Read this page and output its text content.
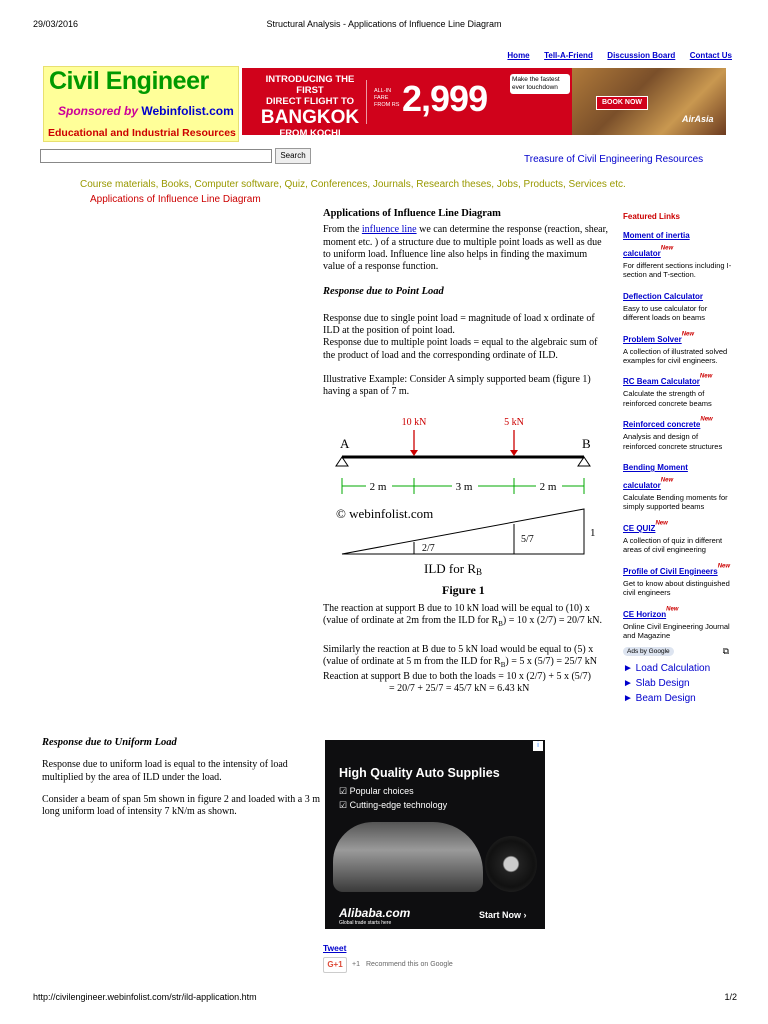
29/03/2016	Structural Analysis - Applications of Influence Line Diagram
Home Tell-A-Friend Discussion Board Contact Us
Civil Engineer
Sponsored by Webinfolist.com
Educational and Industrial Resources
INTRODUCING THE FIRST
DIRECT FLIGHT TO
BANGKOK
FROM KOCHI
ALL-IN FARE FROM RS 2,999	Make the fastest ever touchdown
BOOK NOW
AirAsia
Search	Treasure of Civil Engineering Resources
Course materials, Books, Computer software, Quiz, Conferences, Journals, Research theses, Jobs, Products, Services etc.
Applications of Influence Line Diagram
Applications of Influence Line Diagram
From the influence line we can determine the response (reaction, shear, moment etc. ) of a structure due to multiple point loads as well as due to uniform load. Influence line also helps in finding the maximum value of a response function.
Response due to Point Load
Response due to single point load = magnitude of load x ordinate of ILD at the position of point load.
Response due to multiple point loads = equal to the algebraic sum of the product of load and the corresponding ordinate of ILD.
Illustrative Example: Consider A simply supported beam (figure 1) having a span of 7 m.
A	B
10 kN	5 kN
2 m	3 m	2 m
© webinfolist.com
2/7
5/7
1
ILD for RB
Figure 1
The reaction at support B due to 10 kN load will be equal to (10) x (value of ordinate at 2m from the ILD for $R_B) = 10$ x (2/7) = 20/7 kN.
Similarly the reaction at B due to 5 kN load would be equal to (5) x (value of ordinate at 5 m from the ILD for $R_B) = 5$ x (5/7) = 25/7 kN
Reaction at support B due to both the loads = 10 x (2/7) + 5 x (5/7)
= 20/7 + 25/7 = 45/7 kN = 6.43 kN
Response due to Uniform Load
Response due to uniform load is equal to the intensity of load multiplied by the area of ILD under the load.
Consider a beam of span 5m shown in figure 2 and loaded with a 3 m long uniform load of intensity 7 kN/m as shown.
Featured Links
Moment of inertia calculator$^{New}$
For different sections including I-section and T-section.
Deflection Calculator
Easy to use calculator for different loads on beams
Problem Solver$^{New}$
A collection of illustrated solved examples for civil engineers.
RC Beam Calculator$^{New}$
Calculate the strength of reinforced concrete beams
Reinforced concrete$^{New}$
Analysis and design of reinforced concrete structures
Bending Moment calculator$^{New}$
Calculate Bending moments for simply supported beams
CE $QUIZ^{New}$
A collection of quiz in different areas of civil engineering
Profile of Civil Engineers$^{New}$
Get to know about distinguished civil engineers
CE Horizon$^{New}$
Online Civil Engineering Journal and Magazine
Ads by Google	⧉
► Load Calculation
► Slab Design
► Beam Design
i
High Quality Auto Supplies
☑ Popular choices
☑ Cutting-edge technology
Alibaba.com
Global trade starts here
Start Now ›
Tweet
G+1	+1 Recommend this on Google
http://civilengineer.webinfolist.com/str/ild-application.htm	1/2
